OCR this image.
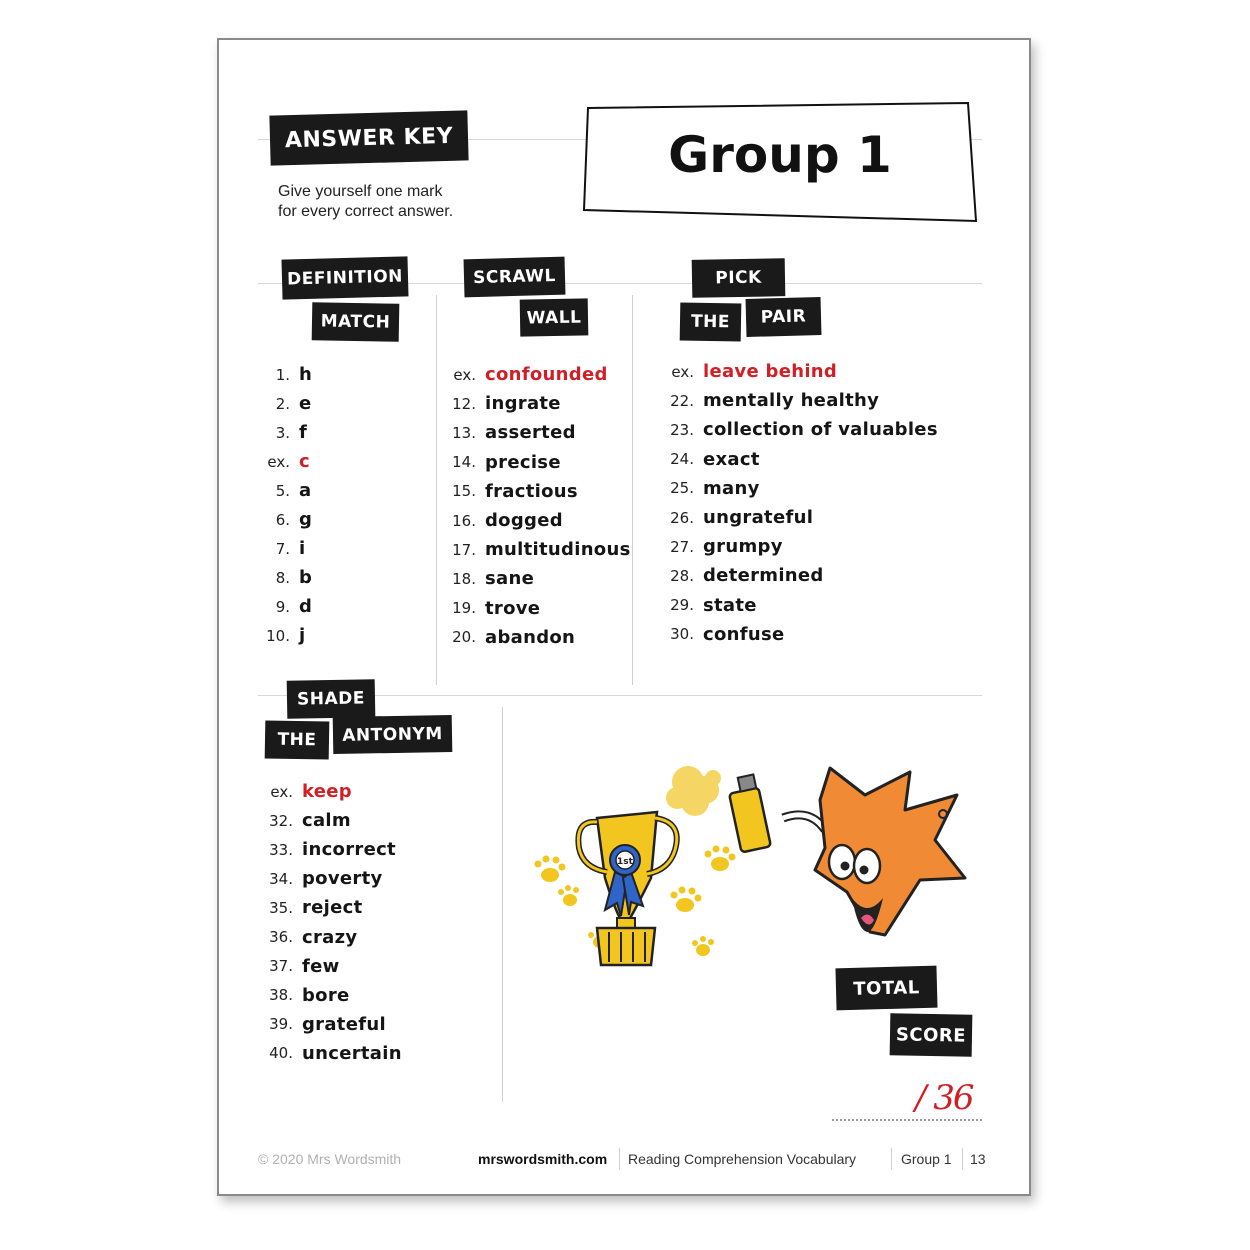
ANSWER KEY
Give yourself one mark
for every correct answer.
Group 1
DEFINITION
MATCH
SCRAWL
WALL
PICK
THE	PAIR
1. h
2. e
3. f
ex. c
5. a
6. g
7. i
8. b
9. d
10. j
ex. confounded
12. ingrate
13. asserted
14. precise
15. fractious
16. dogged
17. multitudinous
18. sane
19. trove
20. abandon
ex. leave behind
22. mentally healthy
23. collection of valuables
24. exact
25. many
26. ungrateful
27. grumpy
28. determined
29. state
30. confuse
ex. keep
32. calm
33. incorrect
34. poverty
35. reject
36. crazy
37. few
38. bore
39. grateful
40. uncertain
SHADE
THE	ANTONYM
1st
TOTAL
SCORE
/ 36
© 2020 Mrs Wordsmith	mrswordsmith.com Reading Comprehension Vocabulary	Group 1 13
